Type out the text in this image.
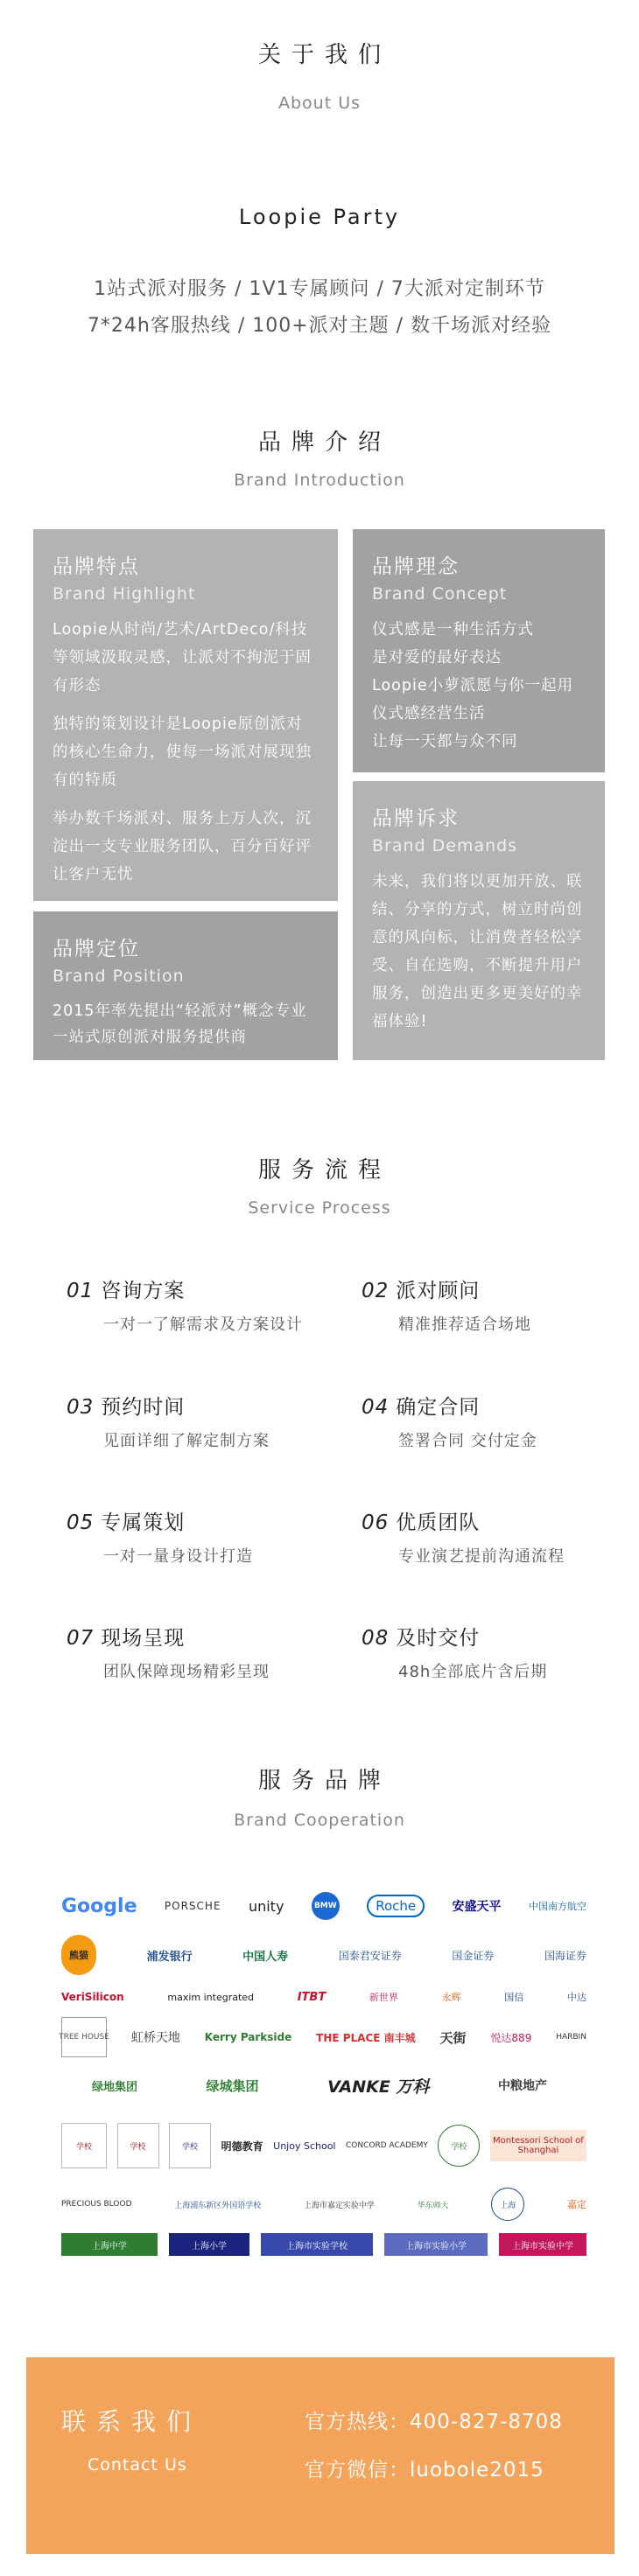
关于我们
About Us
Loopie Party
1站式派对服务 / 1V1专属顾问 / 7大派对定制环节
7*24h客服热线 / 100+派对主题 / 数千场派对经验
品牌介绍
Brand Introduction
品牌特点
Brand Highlight

Loopie从时尚/艺术/ArtDeco/科技等领域汲取灵感，让派对不拘泥于固有形态

独特的策划设计是Loopie原创派对的核心生命力，使每一场派对展现独有的特质

举办数千场派对、服务上万人次，沉淀出一支专业服务团队，百分百好评让客户无忧

品牌定位
Brand Position

2015年率先提出“轻派对”概念专业一站式原创派对服务提供商

品牌理念
Brand Concept

仪式感是一种生活方式

是对爱的最好表达

Loopie小萝派愿与你一起用仪式感经营生活

让每一天都与众不同

品牌诉求
Brand Demands

未来，我们将以更加开放、联结、分享的方式，树立时尚创意的风向标，让消费者轻松享受、自在选购，不断提升用户服务，创造出更多更美好的幸福体验!

服务流程
Service Process
01 咨询方案
一对一了解需求及方案设计
02 派对顾问
精准推荐适合场地
03 预约时间
见面详细了解定制方案
04 确定合同
签署合同 交付定金
05 专属策划
一对一量身设计打造
06 优质团队
专业演艺提前沟通流程
07 现场呈现
团队保障现场精彩呈现
08 及时交付
48h全部底片含后期
服务品牌
Brand Cooperation
Google	PORSCHE unity	BMW	Roche	安盛天平	中国南方航空
熊猫	浦发银行	中国人寿	国泰君安证券	国金证券	国海证券
VeriSilicon	maxim integrated	ITBT	新世界	永辉	国信	中达
TREE HOUSE 虹桥天地 Kerry Parkside THE PLACE 南丰城 天街 悦达889	HARBIN
绿地集团	绿城集团	VANKE 万科	中粮地产
学校	学校	学校	明德教育 Unjoy School CONCORD ACADEMY	学校
Montessori School of Shanghai
PRECIOUS BLOOD	上海浦东新区外国语学校	上海市嘉定实验中学	华东师大	上海	嘉定
上海中学	上海小学	上海市实验学校	上海市实验小学	上海市实验中学
联系我们
Contact Us
官方热线：400-827-8708
官方微信：luobole2015
